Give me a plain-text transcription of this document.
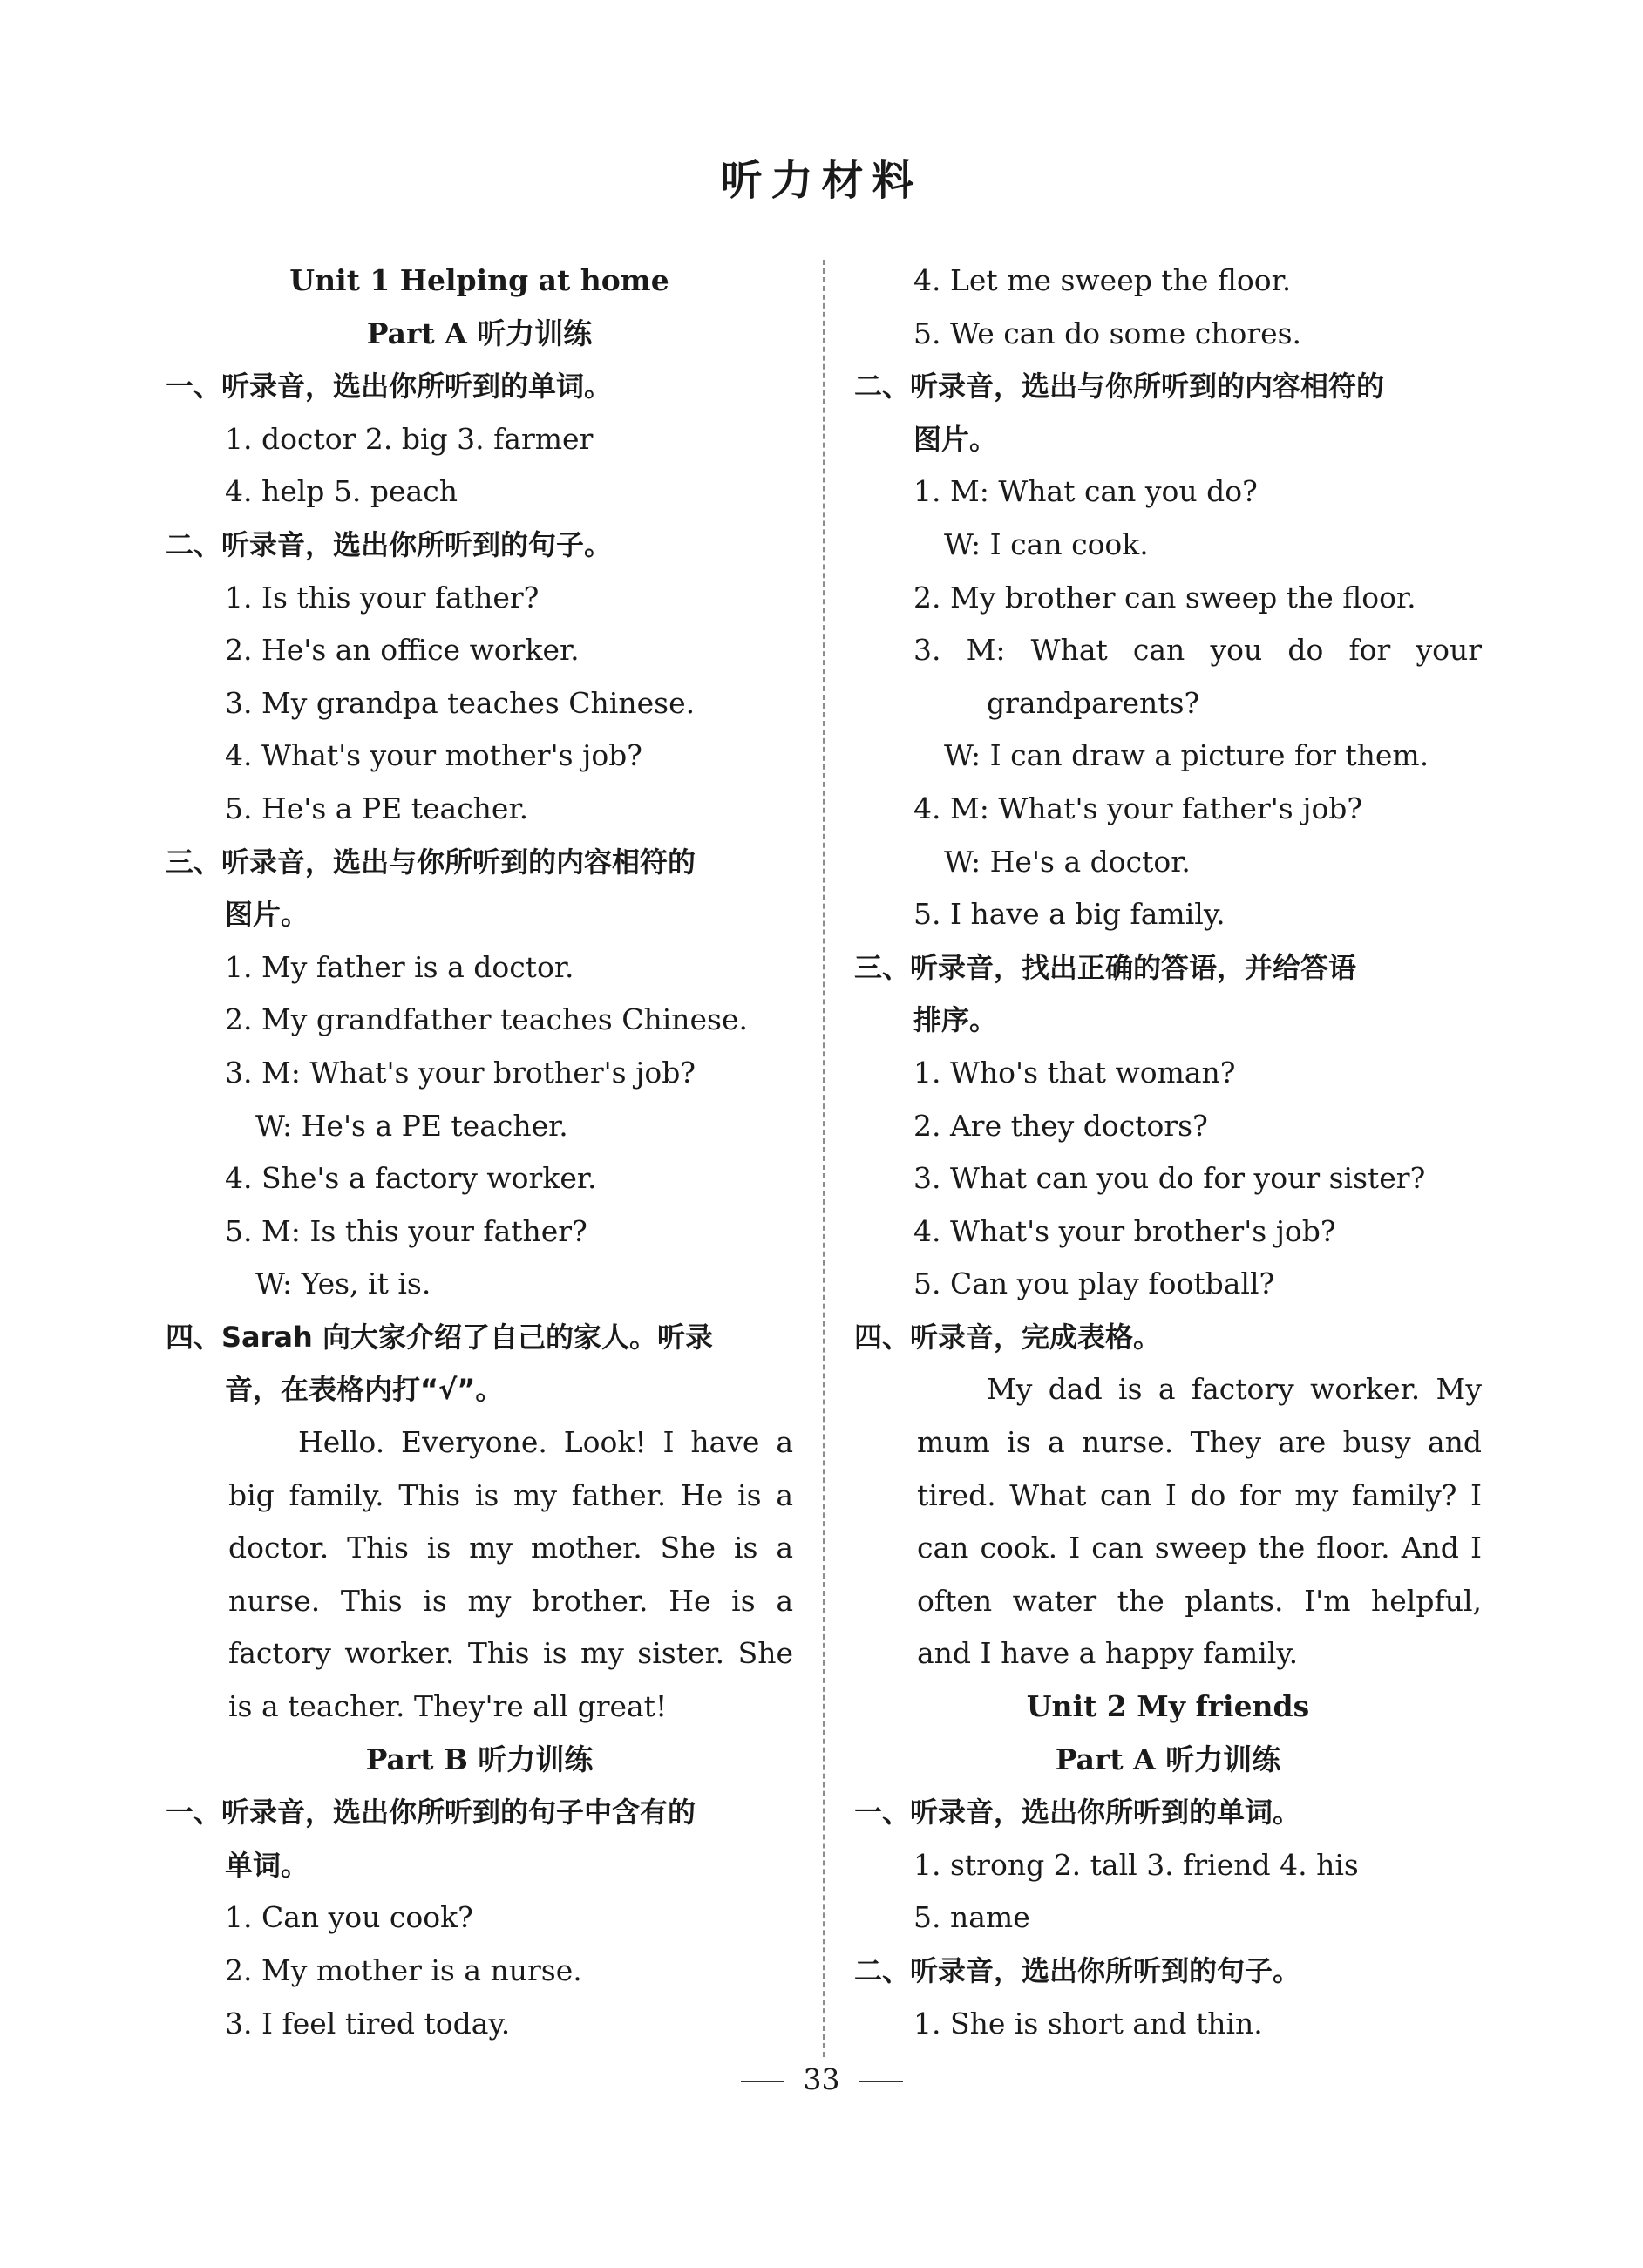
听力材料
Unit 1 Helping at home
Part A 听力训练
一、听录音，选出你所听到的单词。
1. doctor 2. big 3. farmer
4. help 5. peach
二、听录音，选出你所听到的句子。
1. Is this your father?
2. He's an office worker.
3. My grandpa teaches Chinese.
4. What's your mother's job?
5. He's a PE teacher.
三、听录音，选出与你所听到的内容相符的
图片。
1. My father is a doctor.
2. My grandfather teaches Chinese.
3. M: What's your brother's job?
W: He's a PE teacher.
4. She's a factory worker.
5. M: Is this your father?
W: Yes, it is.
四、Sarah 向大家介绍了自己的家人。听录
音，在表格内打“√”。
Hello. Everyone. Look! I have a
big family. This is my father. He is a
doctor. This is my mother. She is a
nurse. This is my brother. He is a
factory worker. This is my sister. She
is a teacher. They're all great!
Part B 听力训练
一、听录音，选出你所听到的句子中含有的
单词。
1. Can you cook?
2. My mother is a nurse.
3. I feel tired today.
4. Let me sweep the floor.
5. We can do some chores.
二、听录音，选出与你所听到的内容相符的
图片。
1. M: What can you do?
W: I can cook.
2. My brother can sweep the floor.
3. M: What can you do for your
grandparents?
W: I can draw a picture for them.
4. M: What's your father's job?
W: He's a doctor.
5. I have a big family.
三、听录音，找出正确的答语，并给答语
排序。
1. Who's that woman?
2. Are they doctors?
3. What can you do for your sister?
4. What's your brother's job?
5. Can you play football?
四、听录音，完成表格。
My dad is a factory worker. My
mum is a nurse. They are busy and
tired. What can I do for my family? I
can cook. I can sweep the floor. And I
often water the plants. I'm helpful,
and I have a happy family.
Unit 2 My friends
Part A 听力训练
一、听录音，选出你所听到的单词。
1. strong 2. tall 3. friend 4. his
5. name
二、听录音，选出你所听到的句子。
1. She is short and thin.
33
